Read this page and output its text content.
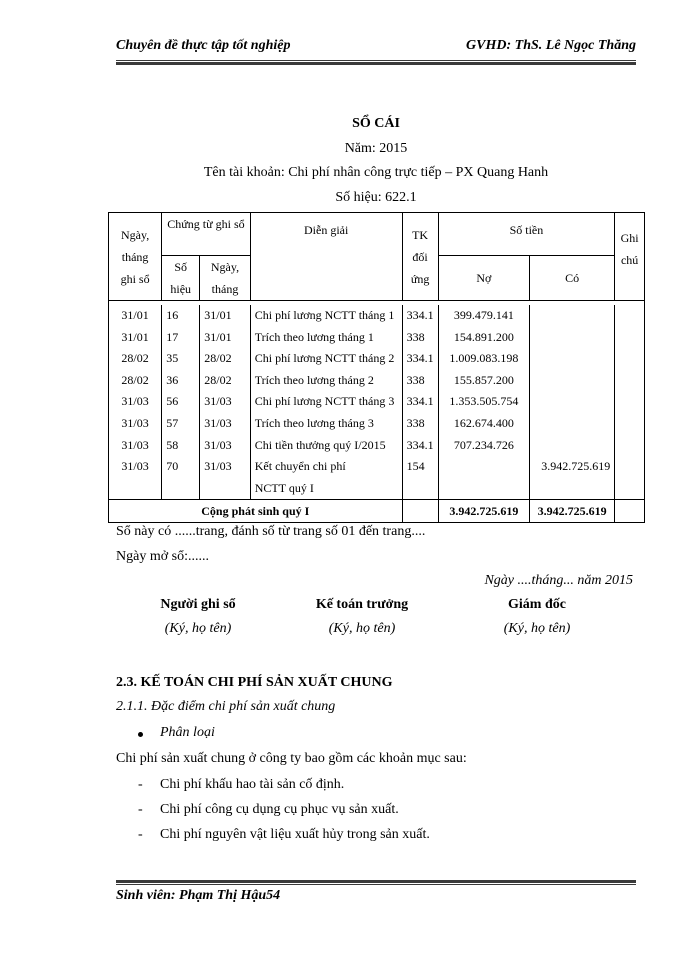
Chuyên đề thực tập tốt nghiệp	GVHD: ThS. Lê Ngọc Thăng
SỔ CÁI
Năm: 2015
Tên tài khoản: Chi phí nhân công trực tiếp – PX Quang Hanh
Số hiệu: 622.1
Ngày, tháng ghi sổ	Chứng từ ghi sổ		Diễn giải	TK đối ứng	Số tiền		Ghi chú
	Số hiệu	Ngày, tháng			Nợ	Có	

31/01	16	31/01	Chi phí lương NCTT tháng 1	334.1	399.479.141		
31/01	17	31/01	Trích theo lương tháng 1	338	154.891.200		
28/02	35	28/02	Chi phí lương NCTT tháng 2	334.1	1.009.083.198		
28/02	36	28/02	Trích theo lương tháng 2	338	155.857.200		
31/03	56	31/03	Chi phí lương NCTT tháng 3	334.1	1.353.505.754		
31/03	57	31/03	Trích theo lương tháng 3	338	162.674.400		
31/03	58	31/03	Chi tiền thưởng quý I/2015	334.1	707.234.726		
31/03	70	31/03	Kết chuyển chi phí	154		3.942.725.619	
			NCTT quý I				
Cộng phát sinh quý I					3.942.725.619	3.942.725.619	
Sổ này có ......trang, đánh số từ trang số 01 đến trang....
Ngày mở sổ:......
Ngày ....tháng... năm 2015
Người ghi sổ
(Ký, họ tên)
Kế toán trưởng
(Ký, họ tên)
Giám đốc
(Ký, họ tên)
2.3. KẾ TOÁN CHI PHÍ SẢN XUẤT CHUNG
2.1.1. Đặc điểm chi phí sản xuất chung
Phân loại
Chi phí sản xuất chung ở công ty bao gồm các khoản mục sau:
- Chi phí khấu hao tài sản cố định.
- Chi phí công cụ dụng cụ phục vụ sản xuất.
- Chi phí nguyên vật liệu xuất hủy trong sản xuất.
Sinh viên: Phạm Thị Hậu54
